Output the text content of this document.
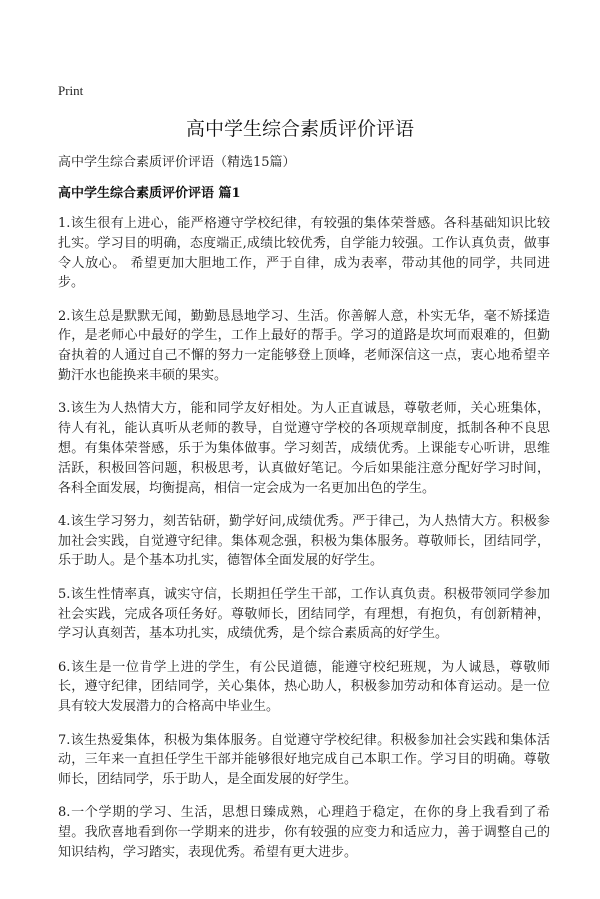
Print
高中学生综合素质评价评语
高中学生综合素质评价评语（精选15篇）
高中学生综合素质评价评语 篇1

1.该生很有上进心，能严格遵守学校纪律，有较强的集体荣誉感。各科基础知识比较扎实。学习目的明确，态度端正,成绩比较优秀，自学能力较强。工作认真负责，做事令人放心。 希望更加大胆地工作，严于自律，成为表率，带动其他的同学，共同进步。

2.该生总是默默无闻，勤勤恳恳地学习、生活。你善解人意，朴实无华，毫不矫揉造作，是老师心中最好的学生，工作上最好的帮手。学习的道路是坎坷而艰难的，但勤奋执着的人通过自己不懈的努力一定能够登上顶峰，老师深信这一点，衷心地希望辛勤汗水也能换来丰硕的果实。

3.该生为人热情大方，能和同学友好相处。为人正直诚恳，尊敬老师，关心班集体，待人有礼，能认真听从老师的教导，自觉遵守学校的各项规章制度，抵制各种不良思想。有集体荣誉感，乐于为集体做事。学习刻苦，成绩优秀。上课能专心听讲，思维活跃，积极回答问题，积极思考，认真做好笔记。今后如果能注意分配好学习时间，各科全面发展，均衡提高，相信一定会成为一名更加出色的学生。

4.该生学习努力，刻苦钻研，勤学好问,成绩优秀。严于律己，为人热情大方。积极参加社会实践，自觉遵守纪律。集体观念强，积极为集体服务。尊敬师长，团结同学，乐于助人。是个基本功扎实，德智体全面发展的好学生。

5.该生性情率真，诚实守信，长期担任学生干部，工作认真负责。积极带领同学参加社会实践，完成各项任务好。尊敬师长，团结同学，有理想，有抱负，有创新精神，学习认真刻苦，基本功扎实，成绩优秀，是个综合素质高的好学生。

6.该生是一位肯学上进的学生，有公民道德，能遵守校纪班规，为人诚恳，尊敬师长，遵守纪律，团结同学，关心集体，热心助人，积极参加劳动和体育运动。是一位具有较大发展潜力的合格高中毕业生。

7.该生热爱集体，积极为集体服务。自觉遵守学校纪律。积极参加社会实践和集体活动，三年来一直担任学生干部并能够很好地完成自己本职工作。学习目的明确。尊敬师长，团结同学，乐于助人，是全面发展的好学生。

8.一个学期的学习、生活，思想日臻成熟，心理趋于稳定，在你的身上我看到了希望。我欣喜地看到你一学期来的进步，你有较强的应变力和适应力，善于调整自己的知识结构，学习踏实，表现优秀。希望有更大进步。
